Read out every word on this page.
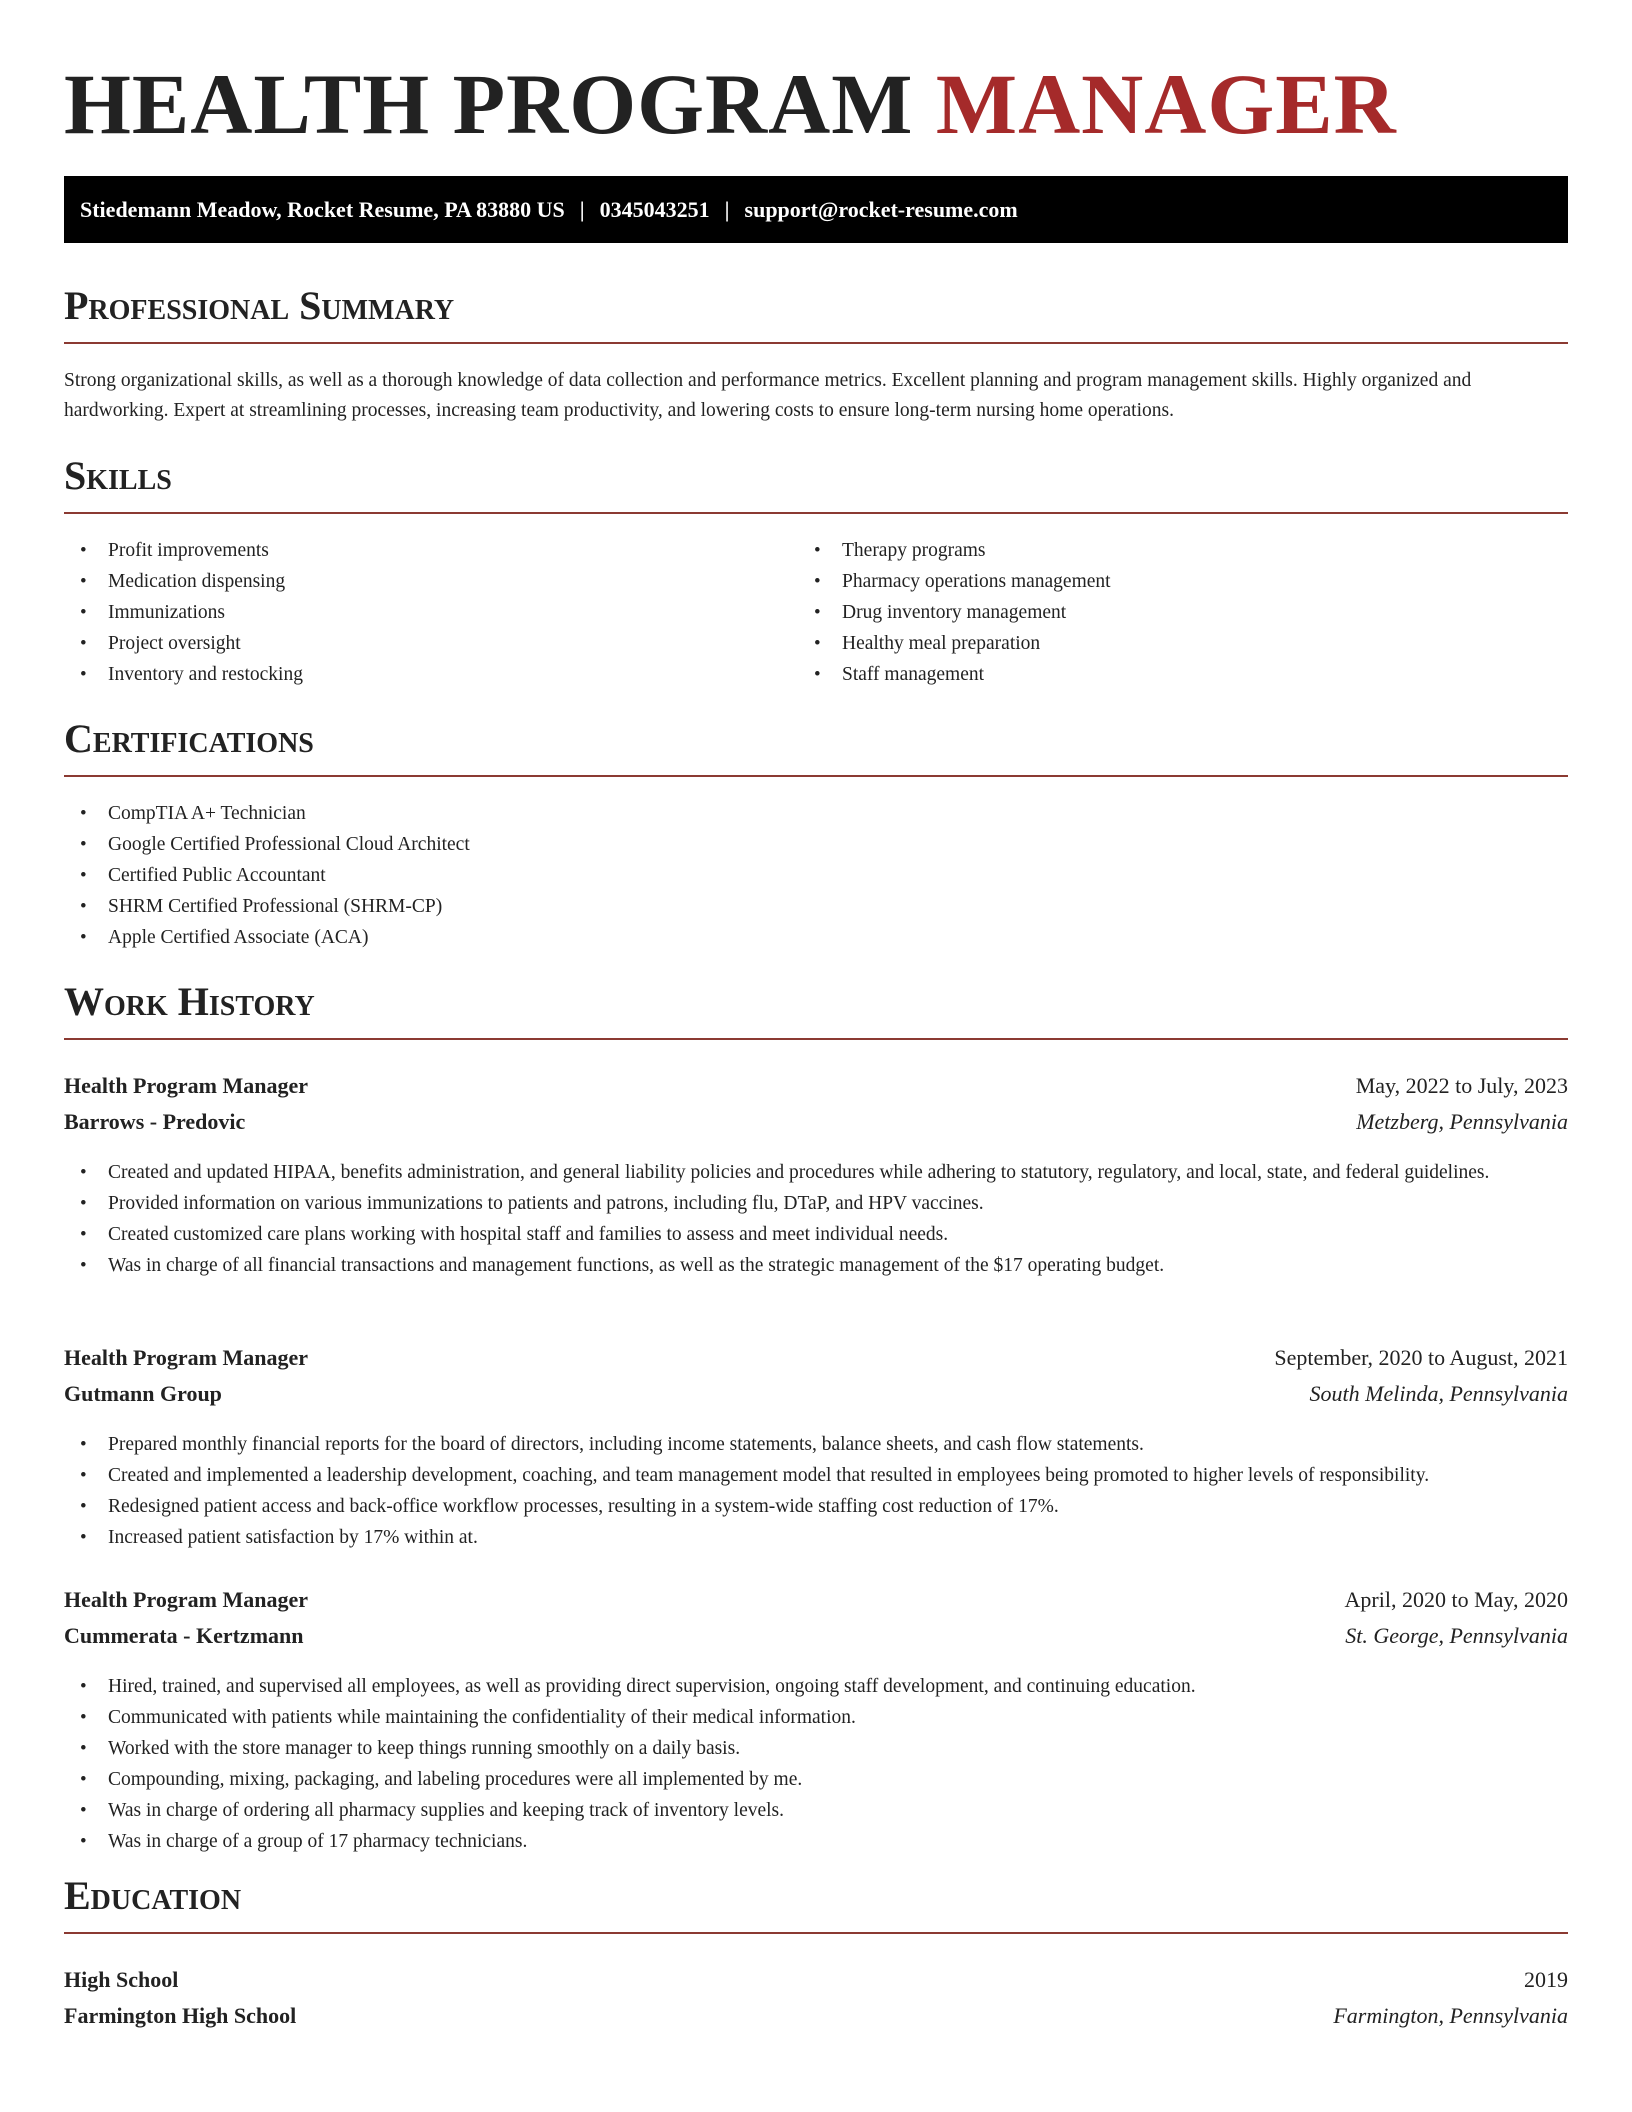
HEALTH PROGRAM MANAGER
Stiedemann Meadow, Rocket Resume, PA 83880 US | 0345043251 | support@rocket-resume.com
Professional Summary

Strong organizational skills, as well as a thorough knowledge of data collection and performance metrics. Excellent planning and program management skills. Highly organized and hardworking. Expert at streamlining processes, increasing team productivity, and lowering costs to ensure long-term nursing home operations.

Skills
• Profit improvements
• Medication dispensing
• Immunizations
• Project oversight
• Inventory and restocking
• Therapy programs
• Pharmacy operations management
• Drug inventory management
• Healthy meal preparation
• Staff management
Certifications
• CompTIA A+ Technician
• Google Certified Professional Cloud Architect
• Certified Public Accountant
• SHRM Certified Professional (SHRM-CP)
• Apple Certified Associate (ACA)
Work History
Health Program Manager	May, 2022 to July, 2023
Barrows - Predovic	Metzberg, Pennsylvania
• Created and updated HIPAA, benefits administration, and general liability policies and procedures while adhering to statutory, regulatory, and local, state, and federal guidelines.
• Provided information on various immunizations to patients and patrons, including flu, DTaP, and HPV vaccines.
• Created customized care plans working with hospital staff and families to assess and meet individual needs.
• Was in charge of all financial transactions and management functions, as well as the strategic management of the $17 operating budget.
Health Program Manager	September, 2020 to August, 2021
Gutmann Group	South Melinda, Pennsylvania
• Prepared monthly financial reports for the board of directors, including income statements, balance sheets, and cash flow statements.
• Created and implemented a leadership development, coaching, and team management model that resulted in employees being promoted to higher levels of responsibility.
• Redesigned patient access and back-office workflow processes, resulting in a system-wide staffing cost reduction of 17%.
• Increased patient satisfaction by 17% within at.
Health Program Manager	April, 2020 to May, 2020
Cummerata - Kertzmann	St. George, Pennsylvania
• Hired, trained, and supervised all employees, as well as providing direct supervision, ongoing staff development, and continuing education.
• Communicated with patients while maintaining the confidentiality of their medical information.
• Worked with the store manager to keep things running smoothly on a daily basis.
• Compounding, mixing, packaging, and labeling procedures were all implemented by me.
• Was in charge of ordering all pharmacy supplies and keeping track of inventory levels.
• Was in charge of a group of 17 pharmacy technicians.
Education
High School	2019
Farmington High School	Farmington, Pennsylvania
